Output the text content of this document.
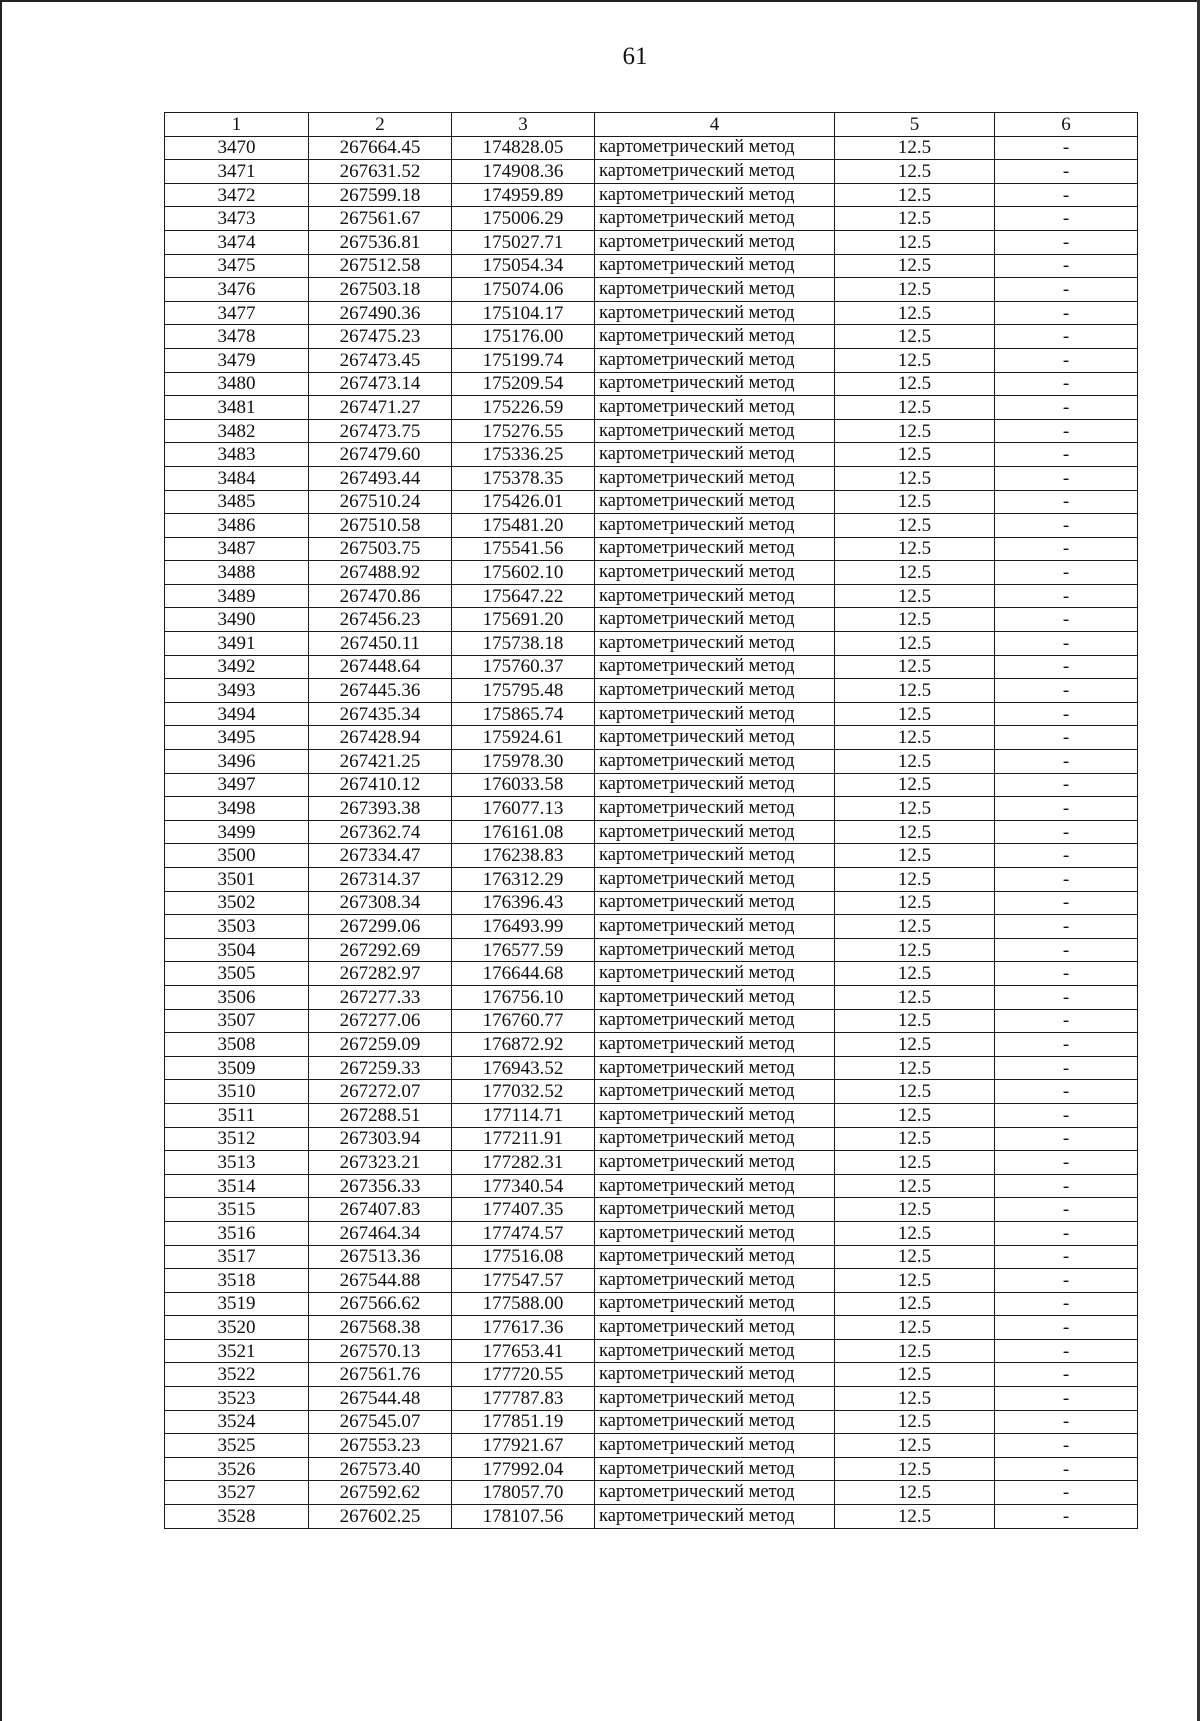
61
1	2	3	4	5	6
3470	267664.45	174828.05	картометрический метод	12.5	-
3471	267631.52	174908.36	картометрический метод	12.5	-
3472	267599.18	174959.89	картометрический метод	12.5	-
3473	267561.67	175006.29	картометрический метод	12.5	-
3474	267536.81	175027.71	картометрический метод	12.5	-
3475	267512.58	175054.34	картометрический метод	12.5	-
3476	267503.18	175074.06	картометрический метод	12.5	-
3477	267490.36	175104.17	картометрический метод	12.5	-
3478	267475.23	175176.00	картометрический метод	12.5	-
3479	267473.45	175199.74	картометрический метод	12.5	-
3480	267473.14	175209.54	картометрический метод	12.5	-
3481	267471.27	175226.59	картометрический метод	12.5	-
3482	267473.75	175276.55	картометрический метод	12.5	-
3483	267479.60	175336.25	картометрический метод	12.5	-
3484	267493.44	175378.35	картометрический метод	12.5	-
3485	267510.24	175426.01	картометрический метод	12.5	-
3486	267510.58	175481.20	картометрический метод	12.5	-
3487	267503.75	175541.56	картометрический метод	12.5	-
3488	267488.92	175602.10	картометрический метод	12.5	-
3489	267470.86	175647.22	картометрический метод	12.5	-
3490	267456.23	175691.20	картометрический метод	12.5	-
3491	267450.11	175738.18	картометрический метод	12.5	-
3492	267448.64	175760.37	картометрический метод	12.5	-
3493	267445.36	175795.48	картометрический метод	12.5	-
3494	267435.34	175865.74	картометрический метод	12.5	-
3495	267428.94	175924.61	картометрический метод	12.5	-
3496	267421.25	175978.30	картометрический метод	12.5	-
3497	267410.12	176033.58	картометрический метод	12.5	-
3498	267393.38	176077.13	картометрический метод	12.5	-
3499	267362.74	176161.08	картометрический метод	12.5	-
3500	267334.47	176238.83	картометрический метод	12.5	-
3501	267314.37	176312.29	картометрический метод	12.5	-
3502	267308.34	176396.43	картометрический метод	12.5	-
3503	267299.06	176493.99	картометрический метод	12.5	-
3504	267292.69	176577.59	картометрический метод	12.5	-
3505	267282.97	176644.68	картометрический метод	12.5	-
3506	267277.33	176756.10	картометрический метод	12.5	-
3507	267277.06	176760.77	картометрический метод	12.5	-
3508	267259.09	176872.92	картометрический метод	12.5	-
3509	267259.33	176943.52	картометрический метод	12.5	-
3510	267272.07	177032.52	картометрический метод	12.5	-
3511	267288.51	177114.71	картометрический метод	12.5	-
3512	267303.94	177211.91	картометрический метод	12.5	-
3513	267323.21	177282.31	картометрический метод	12.5	-
3514	267356.33	177340.54	картометрический метод	12.5	-
3515	267407.83	177407.35	картометрический метод	12.5	-
3516	267464.34	177474.57	картометрический метод	12.5	-
3517	267513.36	177516.08	картометрический метод	12.5	-
3518	267544.88	177547.57	картометрический метод	12.5	-
3519	267566.62	177588.00	картометрический метод	12.5	-
3520	267568.38	177617.36	картометрический метод	12.5	-
3521	267570.13	177653.41	картометрический метод	12.5	-
3522	267561.76	177720.55	картометрический метод	12.5	-
3523	267544.48	177787.83	картометрический метод	12.5	-
3524	267545.07	177851.19	картометрический метод	12.5	-
3525	267553.23	177921.67	картометрический метод	12.5	-
3526	267573.40	177992.04	картометрический метод	12.5	-
3527	267592.62	178057.70	картометрический метод	12.5	-
3528	267602.25	178107.56	картометрический метод	12.5	-
